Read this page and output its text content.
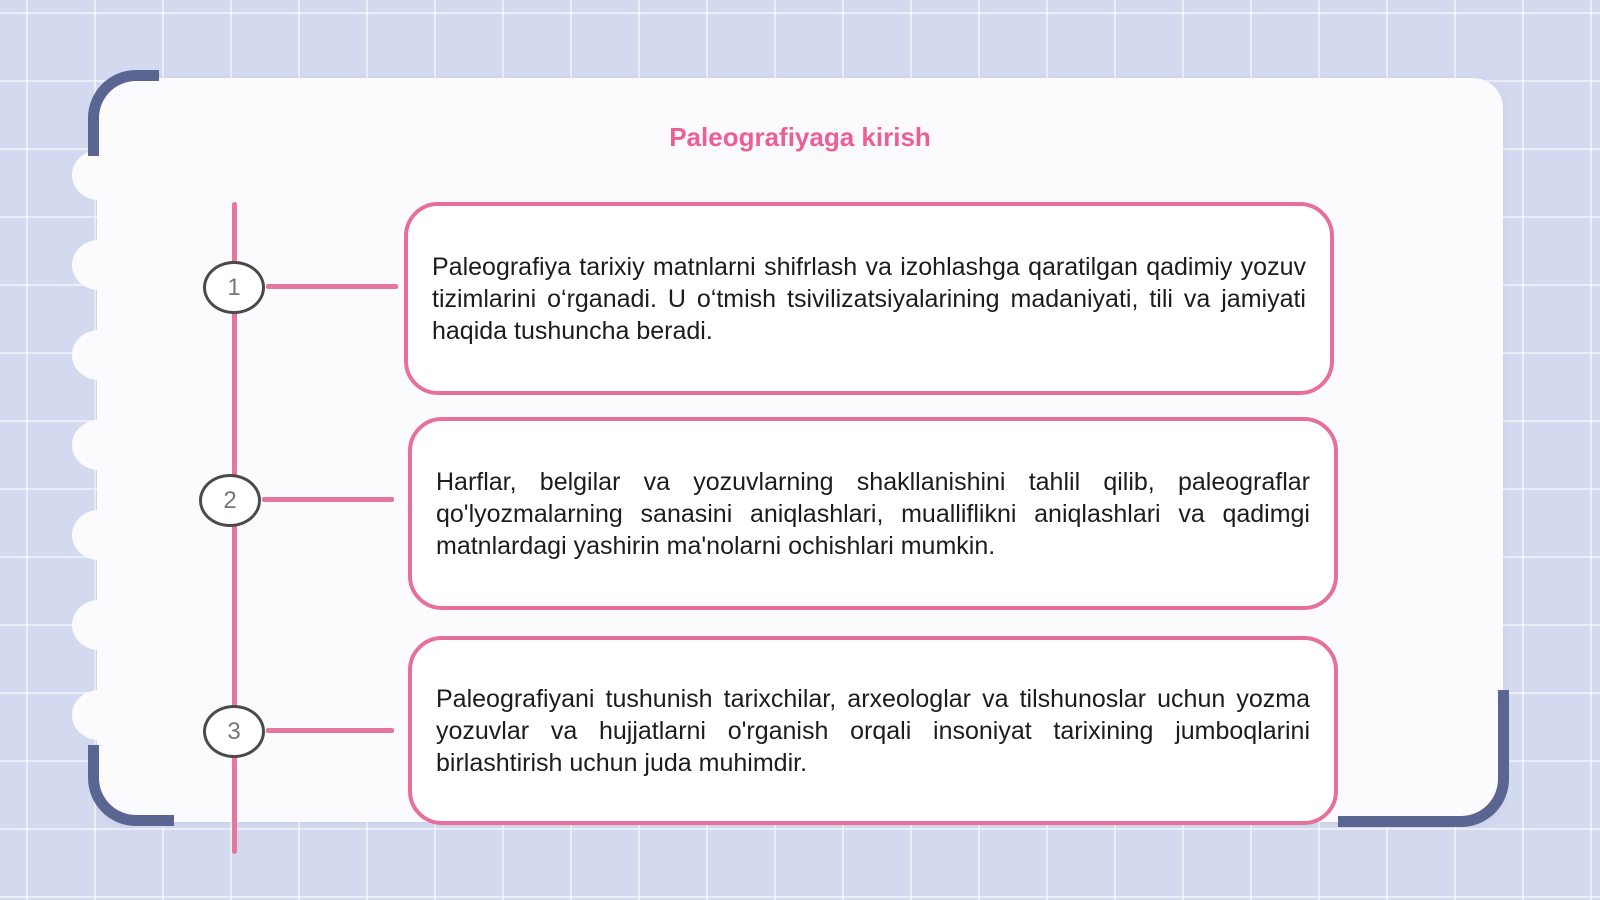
Paleografiyaga kirish
1
Paleografiya tarixiy matnlarni shifrlash va izohlashga qaratilgan qadimiy yozuv tizimlarini o‘rganadi. U o‘tmish tsivilizatsiyalarining madaniyati, tili va jamiyati haqida tushuncha beradi.
2
Harflar, belgilar va yozuvlarning shakllanishini tahlil qilib, paleograflar qo'lyozmalarning sanasini aniqlashlari, mualliflikni aniqlashlari va qadimgi matnlardagi yashirin ma'nolarni ochishlari mumkin.
3
Paleografiyani tushunish tarixchilar, arxeologlar va tilshunoslar uchun yozma yozuvlar va hujjatlarni o'rganish orqali insoniyat tarixining jumboqlarini birlashtirish uchun juda muhimdir.
